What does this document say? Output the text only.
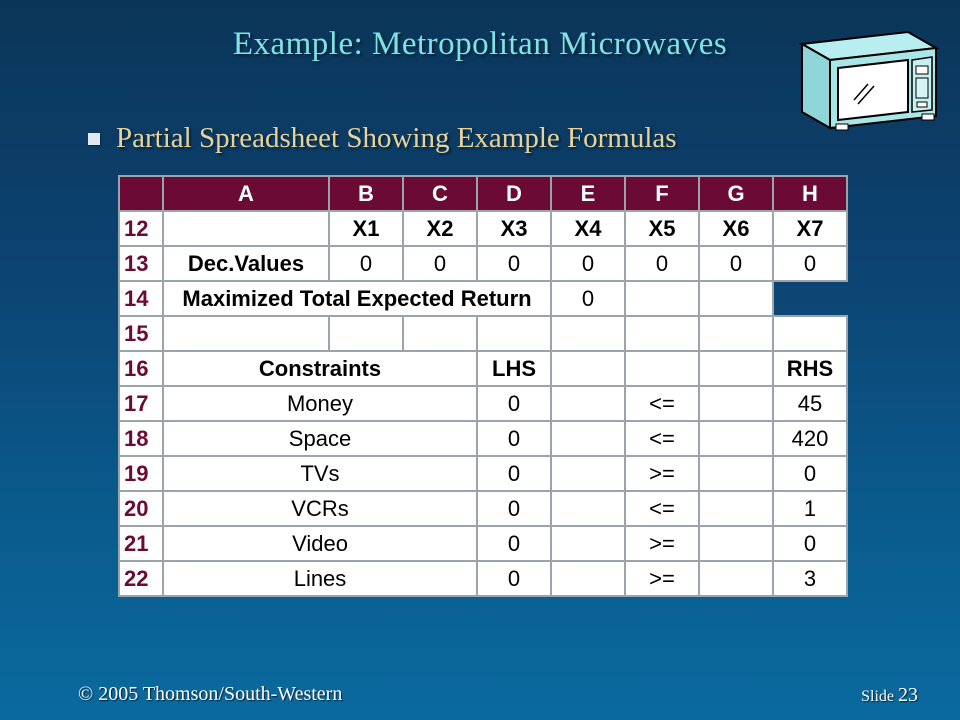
Example: Metropolitan Microwaves
Partial Spreadsheet Showing Example Formulas
	A	B	C	D	E	F	G	H
12		X1	X2	X3	X4	X5	X6	X7
13	Dec.Values	0	0	0	0	0	0	0
14	Maximized Total Expected Return				0			
15								
16	Constraints			LHS				RHS
17	Money			0		<=		45
18	Space			0		<=		420
19	TVs			0		>=		0
20	VCRs			0		<=		1
21	Video			0		>=		0
22	Lines			0		>=		3
© 2005 Thomson/South-Western	Slide 23
